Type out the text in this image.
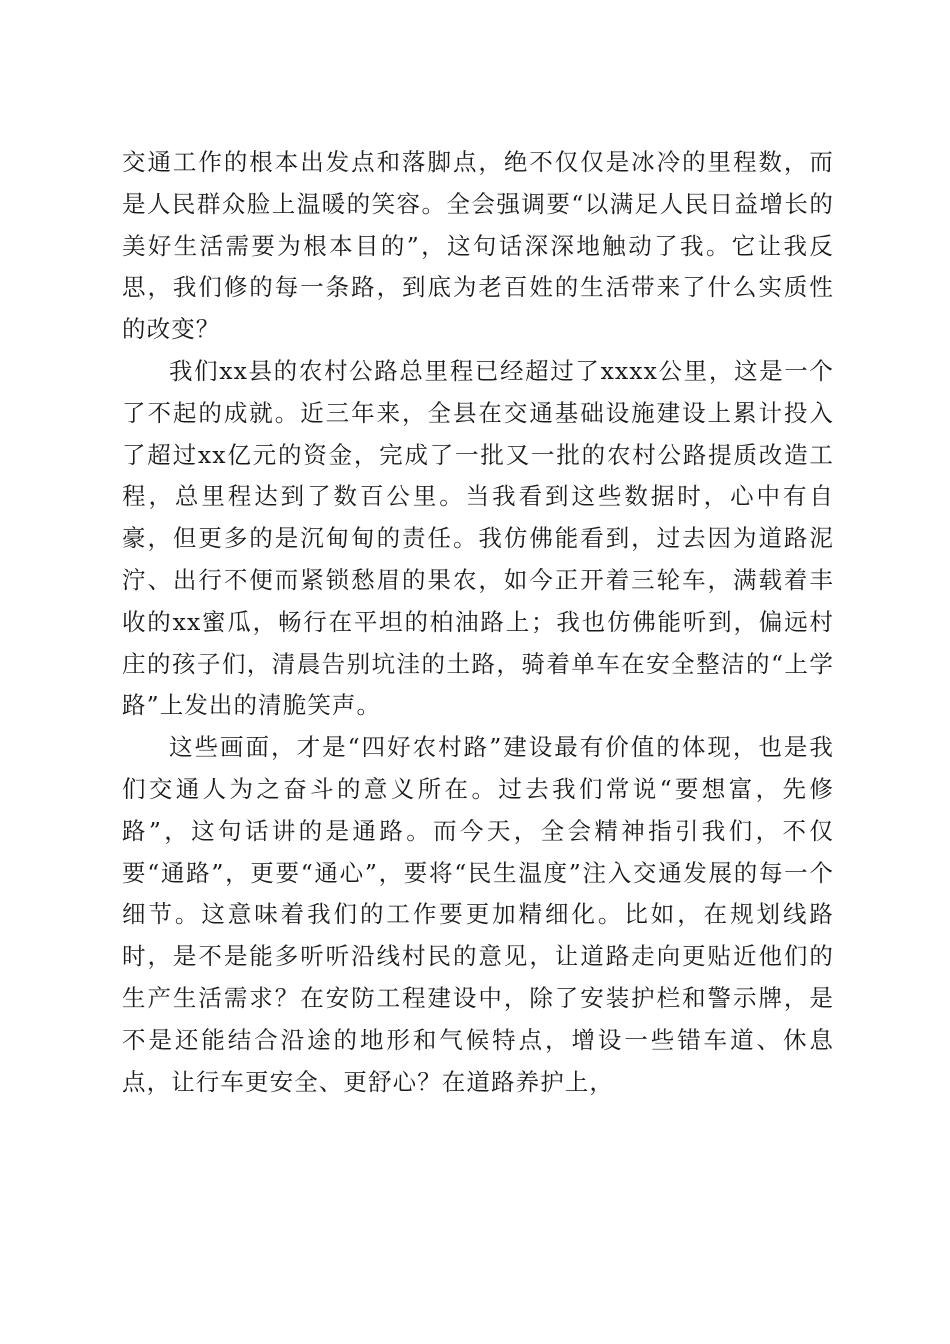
交通工作的根本出发点和落脚点，绝不仅仅是冰冷的里程数，而是人民群众脸上温暖的笑容。全会强调要“以满足人民日益增长的美好生活需要为根本目的”，这句话深深地触动了我。它让我反思，我们修的每一条路，到底为老百姓的生活带来了什么实质性的改变？

我们xx县的农村公路总里程已经超过了xxxx公里，这是一个了不起的成就。近三年来，全县在交通基础设施建设上累计投入了超过xx亿元的资金，完成了一批又一批的农村公路提质改造工程，总里程达到了数百公里。当我看到这些数据时，心中有自豪，但更多的是沉甸甸的责任。我仿佛能看到，过去因为道路泥泞、出行不便而紧锁愁眉的果农，如今正开着三轮车，满载着丰收的xx蜜瓜，畅行在平坦的柏油路上；我也仿佛能听到，偏远村庄的孩子们，清晨告别坑洼的土路，骑着单车在安全整洁的“上学路”上发出的清脆笑声。

这些画面，才是“四好农村路”建设最有价值的体现，也是我们交通人为之奋斗的意义所在。过去我们常说“要想富，先修路”，这句话讲的是通路。而今天，全会精神指引我们，不仅要“通路”，更要“通心”，要将“民生温度”注入交通发展的每一个细节。这意味着我们的工作要更加精细化。比如，在规划线路时，是不是能多听听沿线村民的意见，让道路走向更贴近他们的生产生活需求？在安防工程建设中，除了安装护栏和警示牌，是不是还能结合沿途的地形和气候特点，增设一些错车道、休息点，让行车更安全、更舒心？在道路养护上，
